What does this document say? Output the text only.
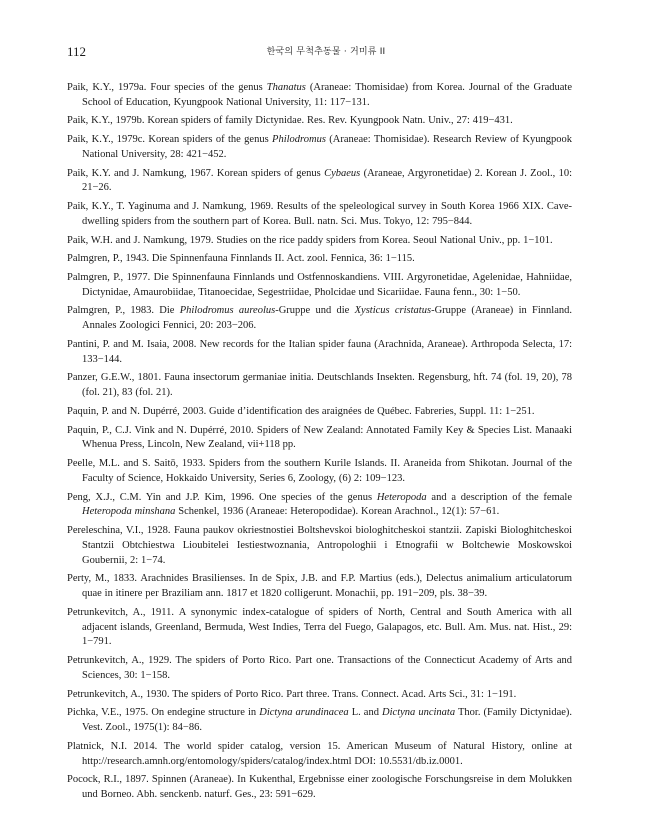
112	한국의 무척추동물 · 거미류 II
Paik, K.Y., 1979a. Four species of the genus Thanatus (Araneae: Thomisidae) from Korea. Journal of the Graduate School of Education, Kyungpook National University, 11: 117−131.
Paik, K.Y., 1979b. Korean spiders of family Dictynidae. Res. Rev. Kyungpook Natn. Univ., 27: 419−431.
Paik, K.Y., 1979c. Korean spiders of the genus Philodromus (Araneae: Thomisidae). Research Review of Kyungpook National University, 28: 421−452.
Paik, K.Y. and J. Namkung, 1967. Korean spiders of genus Cybaeus (Araneae, Argyronetidae) 2. Korean J. Zool., 10: 21−26.
Paik, K.Y., T. Yaginuma and J. Namkung, 1969. Results of the speleological survey in South Korea 1966 XIX. Cave-dwelling spiders from the southern part of Korea. Bull. natn. Sci. Mus. Tokyo, 12: 795−844.
Paik, W.H. and J. Namkung, 1979. Studies on the rice paddy spiders from Korea. Seoul National Univ., pp. 1−101.
Palmgren, P., 1943. Die Spinnenfauna Finnlands II. Act. zool. Fennica, 36: 1−115.
Palmgren, P., 1977. Die Spinnenfauna Finnlands und Ostfennoskandiens. VIII. Argyronetidae, Agelenidae, Hahniidae, Dictynidae, Amaurobiidae, Titanoecidae, Segestriidae, Pholcidae und Sicariidae. Fauna fenn., 30: 1−50.
Palmgren, P., 1983. Die Philodromus aureolus-Gruppe und die Xysticus cristatus-Gruppe (Araneae) in Finnland. Annales Zoologici Fennici, 20: 203−206.
Pantini, P. and M. Isaia, 2008. New records for the Italian spider fauna (Arachnida, Araneae). Arthropoda Selecta, 17: 133−144.
Panzer, G.E.W., 1801. Fauna insectorum germaniae initia. Deutschlands Insekten. Regensburg, hft. 74 (fol. 19, 20), 78 (fol. 21), 83 (fol. 21).
Paquin, P. and N. Dupérré, 2003. Guide d’identification des araignées de Québec. Fabreries, Suppl. 11: 1−251.
Paquin, P., C.J. Vink and N. Dupérré, 2010. Spiders of New Zealand: Annotated Family Key & Species List. Manaaki Whenua Press, Lincoln, New Zealand, vii+118 pp.
Peelle, M.L. and S. Saitō, 1933. Spiders from the southern Kurile Islands. II. Araneida from Shikotan. Journal of the Faculty of Science, Hokkaido University, Series 6, Zoology, (6) 2: 109−123.
Peng, X.J., C.M. Yin and J.P. Kim, 1996. One species of the genus Heteropoda and a description of the female Heteropoda minshana Schenkel, 1936 (Araneae: Heteropodidae). Korean Arachnol., 12(1): 57−61.
Pereleschina, V.I., 1928. Fauna paukov okriestnostiei Boltshevskoi biologhitcheskoi stantzii. Zapiski Biologhitcheskoi Stantzii Obtchiestwa Lioubitelei Iestiestwoznania, Antropologhii i Etnografii w Boltchewie Moskowskoi Goubernii, 2: 1−74.
Perty, M., 1833. Arachnides Brasilienses. In de Spix, J.B. and F.P. Martius (eds.), Delectus animalium articulatorum quae in itinere per Braziliam ann. 1817 et 1820 colligerunt. Monachii, pp. 191−209, pls. 38−39.
Petrunkevitch, A., 1911. A synonymic index-catalogue of spiders of North, Central and South America with all adjacent islands, Greenland, Bermuda, West Indies, Terra del Fuego, Galapagos, etc. Bull. Am. Mus. nat. Hist., 29: 1−791.
Petrunkevitch, A., 1929. The spiders of Porto Rico. Part one. Transactions of the Connecticut Academy of Arts and Sciences, 30: 1−158.
Petrunkevitch, A., 1930. The spiders of Porto Rico. Part three. Trans. Connect. Acad. Arts Sci., 31: 1−191.
Pichka, V.E., 1975. On endegine structure in Dictyna arundinacea L. and Dictyna uncinata Thor. (Family Dictynidae). Vest. Zool., 1975(1): 84−86.
Platnick, N.I. 2014. The world spider catalog, version 15. American Museum of Natural History, online at http://research.amnh.org/entomology/spiders/catalog/index.html DOI: 10.5531/db.iz.0001.
Pocock, R.I., 1897. Spinnen (Araneae). In Kukenthal, Ergebnisse einer zoologische Forschungsreise in dem Molukken und Borneo. Abh. senckenb. naturf. Ges., 23: 591−629.
